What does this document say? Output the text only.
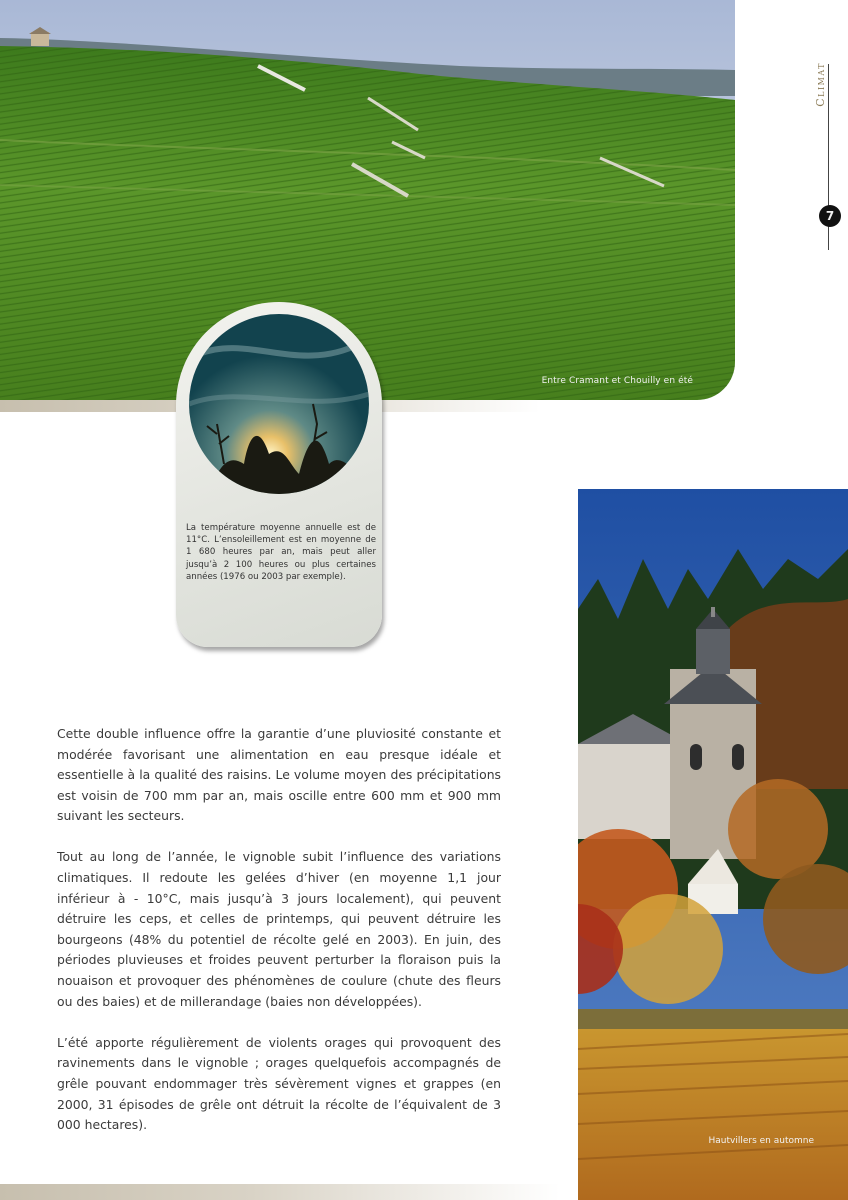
Entre Cramant et Chouilly en été
Climat
7
La température moyenne annuelle est de 11°C. L’ensoleillement est en moyenne de 1 680 heures par an, mais peut aller jusqu’à 2 100 heures ou plus certaines années (1976 ou 2003 par exemple).

Cette double influence offre la garantie d’une pluviosité constante et modérée favorisant une alimentation en eau presque idéale et essentielle à la qualité des raisins. Le volume moyen des précipitations est voisin de 700 mm par an, mais oscille entre 600 mm et 900 mm suivant les secteurs.

Tout au long de l’année, le vignoble subit l’influence des variations climatiques. Il redoute les gelées d’hiver (en moyenne 1,1 jour inférieur à - 10°C, mais jusqu’à 3 jours localement), qui peuvent détruire les ceps, et celles de printemps, qui peuvent détruire les bourgeons (48% du potentiel de récolte gelé en 2003). En juin, des périodes pluvieuses et froides peuvent perturber la floraison puis la nouaison et provoquer des phénomènes de coulure (chute des fleurs ou des baies) et de millerandage (baies non développées).

L’été apporte régulièrement de violents orages qui provoquent des ravinements dans le vignoble ; orages quelquefois accompagnés de grêle pouvant endommager très sévèrement vignes et grappes (en 2000, 31 épisodes de grêle ont détruit la récolte de l’équivalent de 3 000 hectares).

Hautvillers en automne
